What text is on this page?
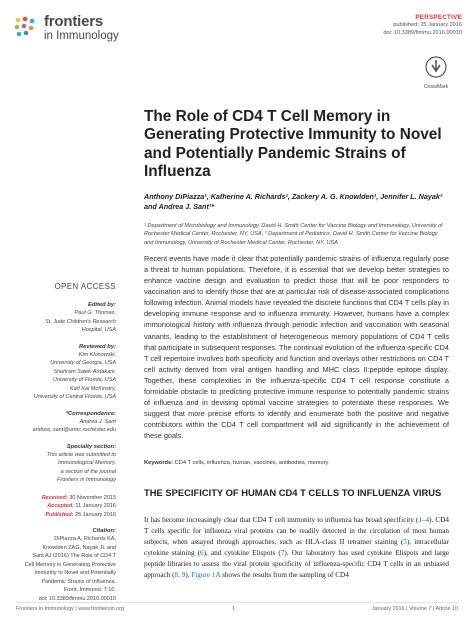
frontiers
in Immunology
PERSPECTIVE
published: 25 January 2016
doi: 10.3389/fimmu.2016.00010
CrossMark
The Role of CD4 T Cell Memory in Generating Protective Immunity to Novel and Potentially Pandemic Strains of Influenza
Anthony DiPiazza¹, Katherine A. Richards¹, Zackery A. G. Knowlden¹, Jennifer L. Nayak² and Andrea J. Sant¹*
¹ Department of Microbiology and Immunology, David H. Smith Center for Vaccine Biology and Immunology, University of Rochester Medical Center, Rochester, NY, USA, ² Department of Pediatrics, David H. Smith Center for Vaccine Biology and Immunology, University of Rochester Medical Center, Rochester, NY, USA

Recent events have made it clear that potentially pandemic strains of influenza regularly pose a threat to human populations. Therefore, it is essential that we develop better strategies to enhance vaccine design and evaluation to predict those that will be poor responders to vaccination and to identify those that are at particular risk of disease-associated complications following infection. Animal models have revealed the discrete functions that CD4 T cells play in developing immune response and to influenza immunity. However, humans have a complex immunological history with influenza through periodic infection and vaccination with seasonal variants, leading to the establishment of heterogeneous memory populations of CD4 T cells that participate in subsequent responses. The continual evolution of the influenza-specific CD4 T cell repertoire involves both specificity and function and overlays other restrictions on CD4 T cell activity derived from viral antigen handling and MHC class II:peptide epitope display. Together, these complexities in the influenza-specific CD4 T cell response constitute a formidable obstacle to predicting protective immune response to potentially pandemic strains of influenza and in devising optimal vaccine strategies to potentiate these responses. We suggest that more precise efforts to identify and enumerate both the positive and negative contributors within the CD4 T cell compartment will aid significantly in the achievement of these goals.

Keywords: CD4 T cells, influenza, human, vaccines, antibodies, memory
THE SPECIFICITY OF HUMAN CD4 T CELLS TO INFLUENZA VIRUS

It has become increasingly clear that CD4 T cell immunity to influenza has broad specificity (1–4). CD4 T cells specific for influenza viral proteins can be readily detected in the circulation of most human subjects, when assayed through approaches, such as HLA-class II tetramer staining (5), intracellular cytokine staining (6), and cytokine Elispots (7). Our laboratory has used cytokine Elispots and large peptide libraries to assess the viral protein specificity of influenza-specific CD4 T cells in an unbiased approach (8, 9). Figure 1A shows the results from the sampling of CD4

OPEN ACCESS
Edited by:
Paul G. Thomas,
St. Jude Children's Research
Hospital, USA
Reviewed by:
Kim Klonowski,
University of Georgia, USA
Shahram Salek-Ardakani,
University of Florida, USA
Karl Kai McKinstry,
University of Central Florida, USA
*Correspondence:
Andrea J. Sant
andrea_sant@urmc.rochester.edu
Specialty section:
This article was submitted to
Immunological Memory,
a section of the journal
Frontiers in Immunology
Received: 30 November 2015
Accepted: 11 January 2016
Published: 25 January 2016
Citation:
DiPiazza A, Richards KA,
Knowlden ZAG, Nayak JL and
Sant AJ (2016) The Role of CD4 T
Cell Memory in Generating Protective
Immunity to Novel and Potentially
Pandemic Strains of Influenza.
Front. Immunol. 7:10.
doi: 10.3389/fimmu.2016.00010
Frontiers in Immunology | www.frontiersin.org	1	January 2016 | Volume 7 | Article 10
